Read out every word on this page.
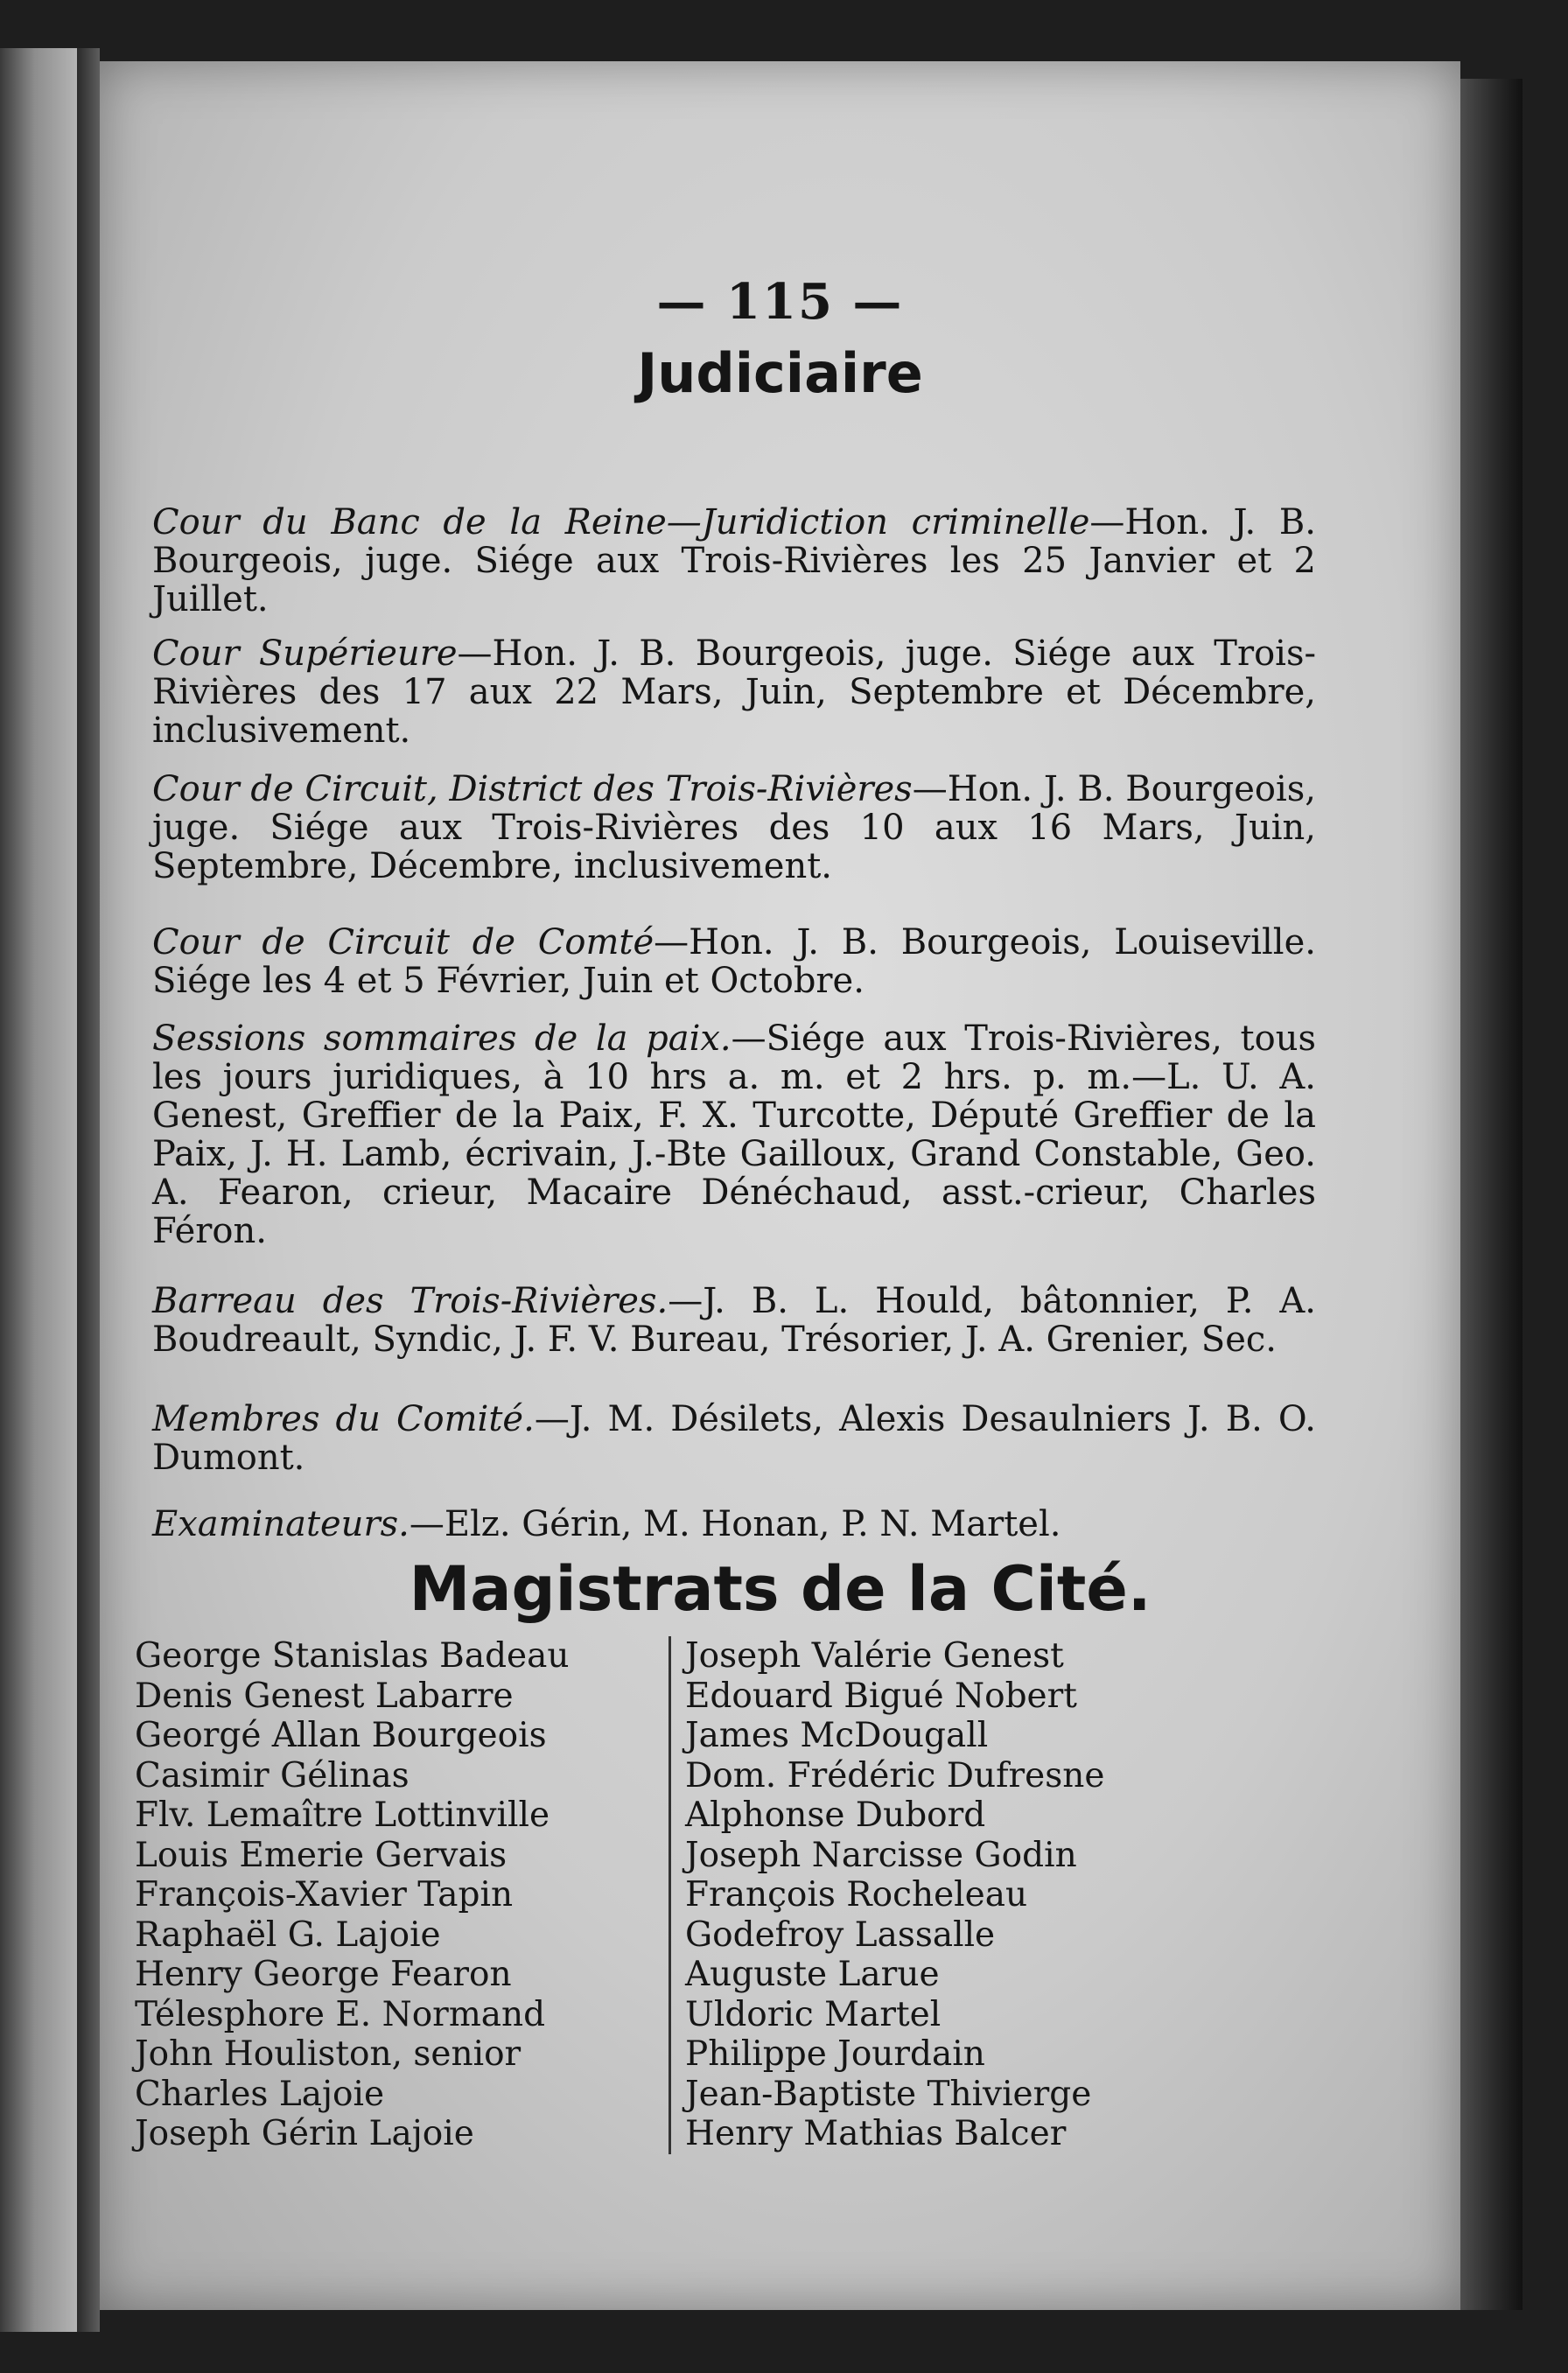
— 115 —
Judiciaire
Cour du Banc de la Reine—Juridiction criminelle—Hon. J. B. Bourgeois, juge. Siége aux Trois-Rivières les 25 Janvier et 2 Juillet.
Cour Supérieure—Hon. J. B. Bourgeois, juge. Siége aux Trois-Rivières des 17 aux 22 Mars, Juin, Septembre et Décembre, inclusivement.
Cour de Circuit, District des Trois-Rivières—Hon. J. B. Bourgeois, juge. Siége aux Trois-Rivières des 10 aux 16 Mars, Juin, Septembre, Décembre, inclusivement.
Cour de Circuit de Comté—Hon. J. B. Bourgeois, Louiseville. Siége les 4 et 5 Février, Juin et Octobre.
Sessions sommaires de la paix.—Siége aux Trois-Rivières, tous les jours juridiques, à 10 hrs a. m. et 2 hrs. p. m.—L. U. A. Genest, Greffier de la Paix, F. X. Turcotte, Député Greffier de la Paix, J. H. Lamb, écrivain, J.-Bte Gailloux, Grand Constable, Geo. A. Fearon, crieur, Macaire Dénéchaud, asst.-crieur, Charles Féron.
Barreau des Trois-Rivières.—J. B. L. Hould, bâtonnier, P. A. Boudreault, Syndic, J. F. V. Bureau, Trésorier, J. A. Grenier, Sec.
Membres du Comité.—J. M. Désilets, Alexis Desaulniers J. B. O. Dumont.
Examinateurs.—Elz. Gérin, M. Honan, P. N. Martel.
Magistrats de la Cité.
George Stanislas Badeau
Denis Genest Labarre
Georgé Allan Bourgeois
Casimir Gélinas
Flv. Lemaître Lottinville
Louis Emerie Gervais
François-Xavier Tapin
Raphaël G. Lajoie
Henry George Fearon
Télesphore E. Normand
John Houliston, senior
Charles Lajoie
Joseph Gérin Lajoie
Joseph Valérie Genest
Edouard Bigué Nobert
James McDougall
Dom. Frédéric Dufresne
Alphonse Dubord
Joseph Narcisse Godin
François Rocheleau
Godefroy Lassalle
Auguste Larue
Uldoric Martel
Philippe Jourdain
Jean-Baptiste Thivierge
Henry Mathias Balcer
